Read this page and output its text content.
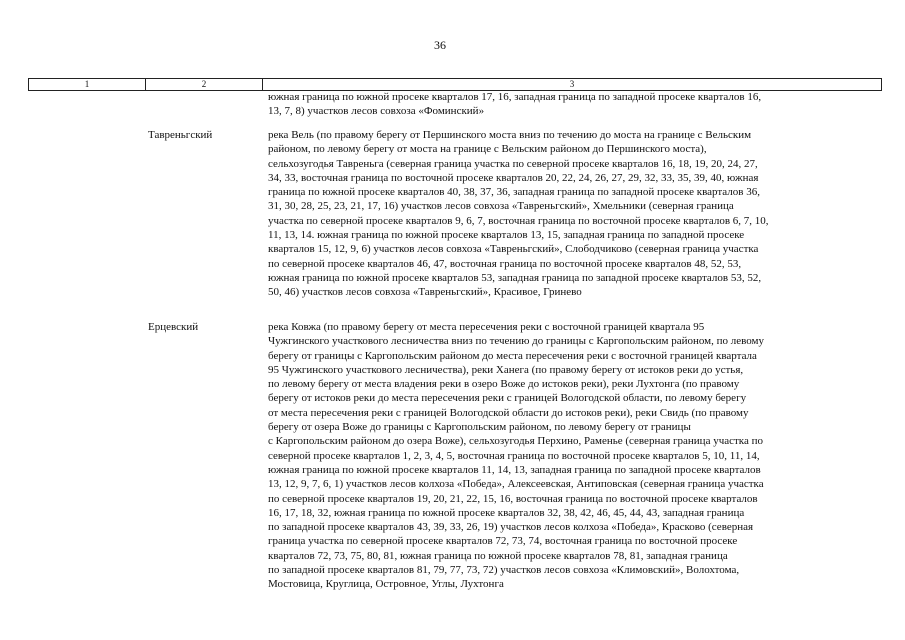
36
1	2	3
южная граница по южной просеке кварталов 17, 16, западная граница по западной просеке кварталов 16,
13, 7, 8) участков лесов совхоза «Фоминский»
Тавреньгский	река Вель (по правому берегу от Першинского моста вниз по течению до моста на границе с Вельским
районом, по левому берегу от моста на границе с Вельским районом до Першинского моста),
сельхозугодья Тавреньга (северная граница участка по северной просеке кварталов 16, 18, 19, 20, 24, 27,
34, 33, восточная граница по восточной просеке кварталов 20, 22, 24, 26, 27, 29, 32, 33, 35, 39, 40, южная
граница по южной просеке кварталов 40, 38, 37, 36, западная граница по западной просеке кварталов 36,
31, 30, 28, 25, 23, 21, 17, 16) участков лесов совхоза «Тавреньгский», Хмельники (северная граница
участка по северной просеке кварталов 9, 6, 7, восточная граница по восточной просеке кварталов 6, 7, 10,
11, 13, 14. южная граница по южной просеке кварталов 13, 15, западная граница по западной просеке
кварталов 15, 12, 9, 6) участков лесов совхоза «Тавреньгский», Слободчиково (северная граница участка
по северной просеке кварталов 46, 47, восточная граница по восточной просеке кварталов 48, 52, 53,
южная граница по южной просеке кварталов 53, западная граница по западной просеке кварталов 53, 52,
50, 46) участков лесов совхоза «Тавреньгский», Красивое, Гринево
Ерцевский	река Ковжа (по правому берегу от места пересечения реки с восточной границей квартала 95
Чужгинского участкового лесничества вниз по течению до границы с Каргопольским районом, по левому
берегу от границы с Каргопольским районом до места пересечения реки с восточной границей квартала
95 Чужгинского участкового лесничества), реки Ханега (по правому берегу от истоков реки до устья,
по левому берегу от места владения реки в озеро Воже до истоков реки), реки Лухтонга (по правому
берегу от истоков реки до места пересечения реки с границей Вологодской области, по левому берегу
от места пересечения реки с границей Вологодской области до истоков реки), реки Свидь (по правому
берегу от озера Воже до границы с Каргопольским районом, по левому берегу от границы
с Каргопольским районом до озера Воже), сельхозугодья Перхино, Раменье (северная граница участка по
северной просеке кварталов 1, 2, 3, 4, 5, восточная граница по восточной просеке кварталов 5, 10, 11, 14,
южная граница по южной просеке кварталов 11, 14, 13, западная граница по западной просеке кварталов
13, 12, 9, 7, 6, 1) участков лесов колхоза «Победа», Алексеевская, Антиповская (северная граница участка
по северной просеке кварталов 19, 20, 21, 22, 15, 16, восточная граница по восточной просеке кварталов
16, 17, 18, 32, южная граница по южной просеке кварталов 32, 38, 42, 46, 45, 44, 43, западная граница
по западной просеке кварталов 43, 39, 33, 26, 19) участков лесов колхоза «Победа», Красково (северная
граница участка по северной просеке кварталов 72, 73, 74, восточная граница по восточной просеке
кварталов 72, 73, 75, 80, 81, южная граница по южной просеке кварталов 78, 81, западная граница
по западной просеке кварталов 81, 79, 77, 73, 72) участков лесов совхоза «Климовский», Волохтома,
Мостовица, Круглица, Островное, Углы, Лухтонга
